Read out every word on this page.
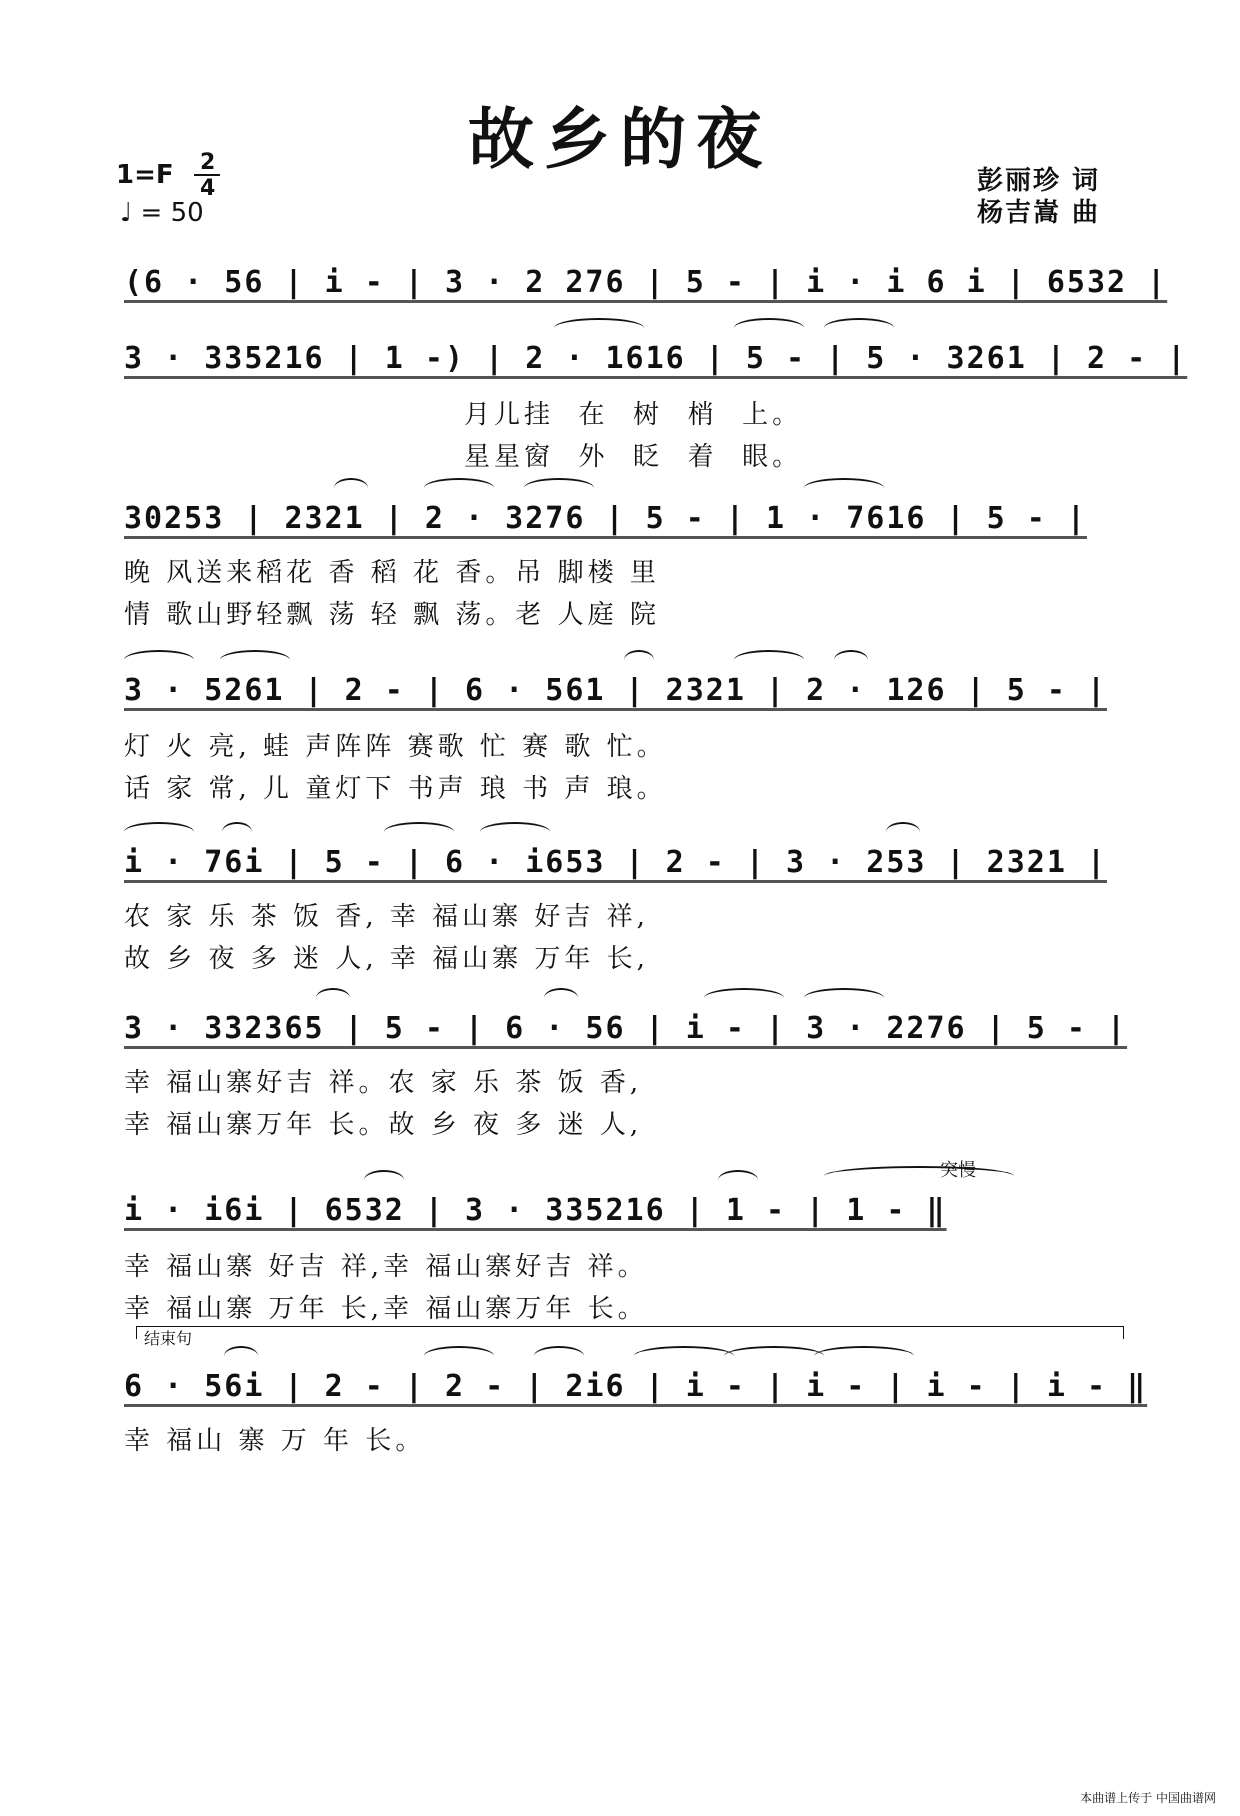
故乡的夜
1=F 2
4
♩ = 50
彭丽珍 词
杨吉嵩 曲
(6 · 56 | i - | 3 · 2 276 | 5 - | i · i 6 i | 6532 |
3 · 335216 | 1 -) | 2 · 1616 | 5 - | 5 · 3261 | 2 - |
月儿挂  在  树  梢  上。
星星窗  外  眨  着  眼。
30253 | 2321 | 2 · 3276 | 5 - | 1 · 7616 | 5 - |
晚 风送来稻花 香 稻 花 香。吊 脚楼 里
情 歌山野轻飘 荡 轻 飘 荡。老 人庭 院
3 · 5261 | 2 - | 6 · 561 | 2321 | 2 · 126 | 5 - |
灯 火 亮, 蛙 声阵阵 赛歌 忙 赛 歌 忙。
话 家 常, 儿 童灯下 书声 琅 书 声 琅。
i · 76i | 5 - | 6 · i653 | 2 - | 3 · 253 | 2321 |
农 家 乐 茶 饭 香, 幸 福山寨 好吉 祥,
故 乡 夜 多 迷 人, 幸 福山寨 万年 长,
3 · 332365 | 5 - | 6 · 56 | i - | 3 · 2276 | 5 - |
幸 福山寨好吉 祥。农 家 乐 茶 饭 香,
幸 福山寨万年 长。故 乡 夜 多 迷 人,
突慢
i · i6i | 6532 | 3 · 335216 | 1 - | 1 - ‖
幸 福山寨 好吉 祥,幸 福山寨好吉 祥。
幸 福山寨 万年 长,幸 福山寨万年 长。
结束句
6 · 56i | 2 - | 2 - | 2i6 | i - | i - | i - | i - ‖
幸 福山 寨 万 年 长。
本曲谱上传于 中国曲谱网
